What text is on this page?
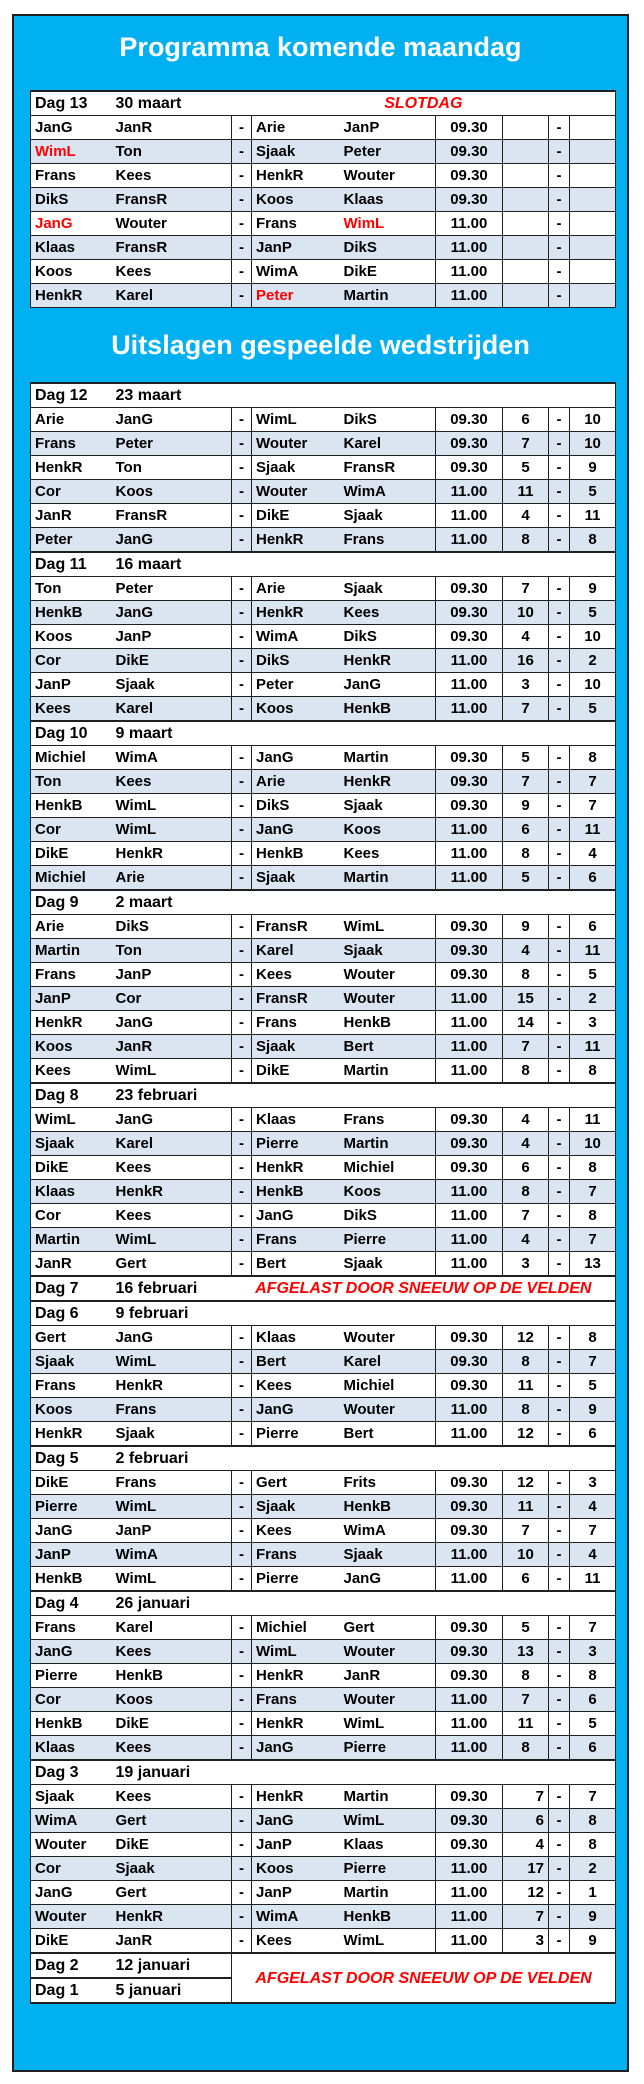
Programma komende maandag
Dag 13	30 maart	SLOTDAG						
JanG	JanR	-	Arie	JanP	09.30		-	
WimL	Ton	-	Sjaak	Peter	09.30		-	
Frans	Kees	-	HenkR	Wouter	09.30		-	
DikS	FransR	-	Koos	Klaas	09.30		-	
JanG	Wouter	-	Frans	WimL	11.00		-	
Klaas	FransR	-	JanP	DikS	11.00		-	
Koos	Kees	-	WimA	DikE	11.00		-	
HenkR	Karel	-	Peter	Martin	11.00		-	
Uitslagen gespeelde wedstrijden
Dag 12	23 maart							
Arie	JanG	-	WimL	DikS	09.30	6	-	10
Frans	Peter	-	Wouter	Karel	09.30	7	-	10
HenkR	Ton	-	Sjaak	FransR	09.30	5	-	9
Cor	Koos	-	Wouter	WimA	11.00	11	-	5
JanR	FransR	-	DikE	Sjaak	11.00	4	-	11
Peter	JanG	-	HenkR	Frans	11.00	8	-	8
Dag 11	16 maart							
Ton	Peter	-	Arie	Sjaak	09.30	7	-	9
HenkB	JanG	-	HenkR	Kees	09.30	10	-	5
Koos	JanP	-	WimA	DikS	09.30	4	-	10
Cor	DikE	-	DikS	HenkR	11.00	16	-	2
JanP	Sjaak	-	Peter	JanG	11.00	3	-	10
Kees	Karel	-	Koos	HenkB	11.00	7	-	5
Dag 10	9 maart							
Michiel	WimA	-	JanG	Martin	09.30	5	-	8
Ton	Kees	-	Arie	HenkR	09.30	7	-	7
HenkB	WimL	-	DikS	Sjaak	09.30	9	-	7
Cor	WimL	-	JanG	Koos	11.00	6	-	11
DikE	HenkR	-	HenkB	Kees	11.00	8	-	4
Michiel	Arie	-	Sjaak	Martin	11.00	5	-	6
Dag 9	2 maart							
Arie	DikS	-	FransR	WimL	09.30	9	-	6
Martin	Ton	-	Karel	Sjaak	09.30	4	-	11
Frans	JanP	-	Kees	Wouter	09.30	8	-	5
JanP	Cor	-	FransR	Wouter	11.00	15	-	2
HenkR	JanG	-	Frans	HenkB	11.00	14	-	3
Koos	JanR	-	Sjaak	Bert	11.00	7	-	11
Kees	WimL	-	DikE	Martin	11.00	8	-	8
Dag 8	23 februari							
WimL	JanG	-	Klaas	Frans	09.30	4	-	11
Sjaak	Karel	-	Pierre	Martin	09.30	4	-	10
DikE	Kees	-	HenkR	Michiel	09.30	6	-	8
Klaas	HenkR	-	HenkB	Koos	11.00	8	-	7
Cor	Kees	-	JanG	DikS	11.00	7	-	8
Martin	WimL	-	Frans	Pierre	11.00	4	-	7
JanR	Gert	-	Bert	Sjaak	11.00	3	-	13
Dag 7	16 februari	AFGELAST DOOR SNEEUW OP DE VELDEN						
Dag 6	9 februari							
Gert	JanG	-	Klaas	Wouter	09.30	12	-	8
Sjaak	WimL	-	Bert	Karel	09.30	8	-	7
Frans	HenkR	-	Kees	Michiel	09.30	11	-	5
Koos	Frans	-	JanG	Wouter	11.00	8	-	9
HenkR	Sjaak	-	Pierre	Bert	11.00	12	-	6
Dag 5	2 februari							
DikE	Frans	-	Gert	Frits	09.30	12	-	3
Pierre	WimL	-	Sjaak	HenkB	09.30	11	-	4
JanG	JanP	-	Kees	WimA	09.30	7	-	7
JanP	WimA	-	Frans	Sjaak	11.00	10	-	4
HenkB	WimL	-	Pierre	JanG	11.00	6	-	11
Dag 4	26 januari							
Frans	Karel	-	Michiel	Gert	09.30	5	-	7
JanG	Kees	-	WimL	Wouter	09.30	13	-	3
Pierre	HenkB	-	HenkR	JanR	09.30	8	-	8
Cor	Koos	-	Frans	Wouter	11.00	7	-	6
HenkB	DikE	-	HenkR	WimL	11.00	11	-	5
Klaas	Kees	-	JanG	Pierre	11.00	8	-	6
Dag 3	19 januari							
Sjaak	Kees	-	HenkR	Martin	09.30	7	-	7
WimA	Gert	-	JanG	WimL	09.30	6	-	8
Wouter	DikE	-	JanP	Klaas	09.30	4	-	8
Cor	Sjaak	-	Koos	Pierre	11.00	17	-	2
JanG	Gert	-	JanP	Martin	11.00	12	-	1
Wouter	HenkR	-	WimA	HenkB	11.00	7	-	9
DikE	JanR	-	Kees	WimL	11.00	3	-	9
Dag 2	12 januari	AFGELAST DOOR SNEEUW OP DE VELDEN						
Dag 1	5 januari							
